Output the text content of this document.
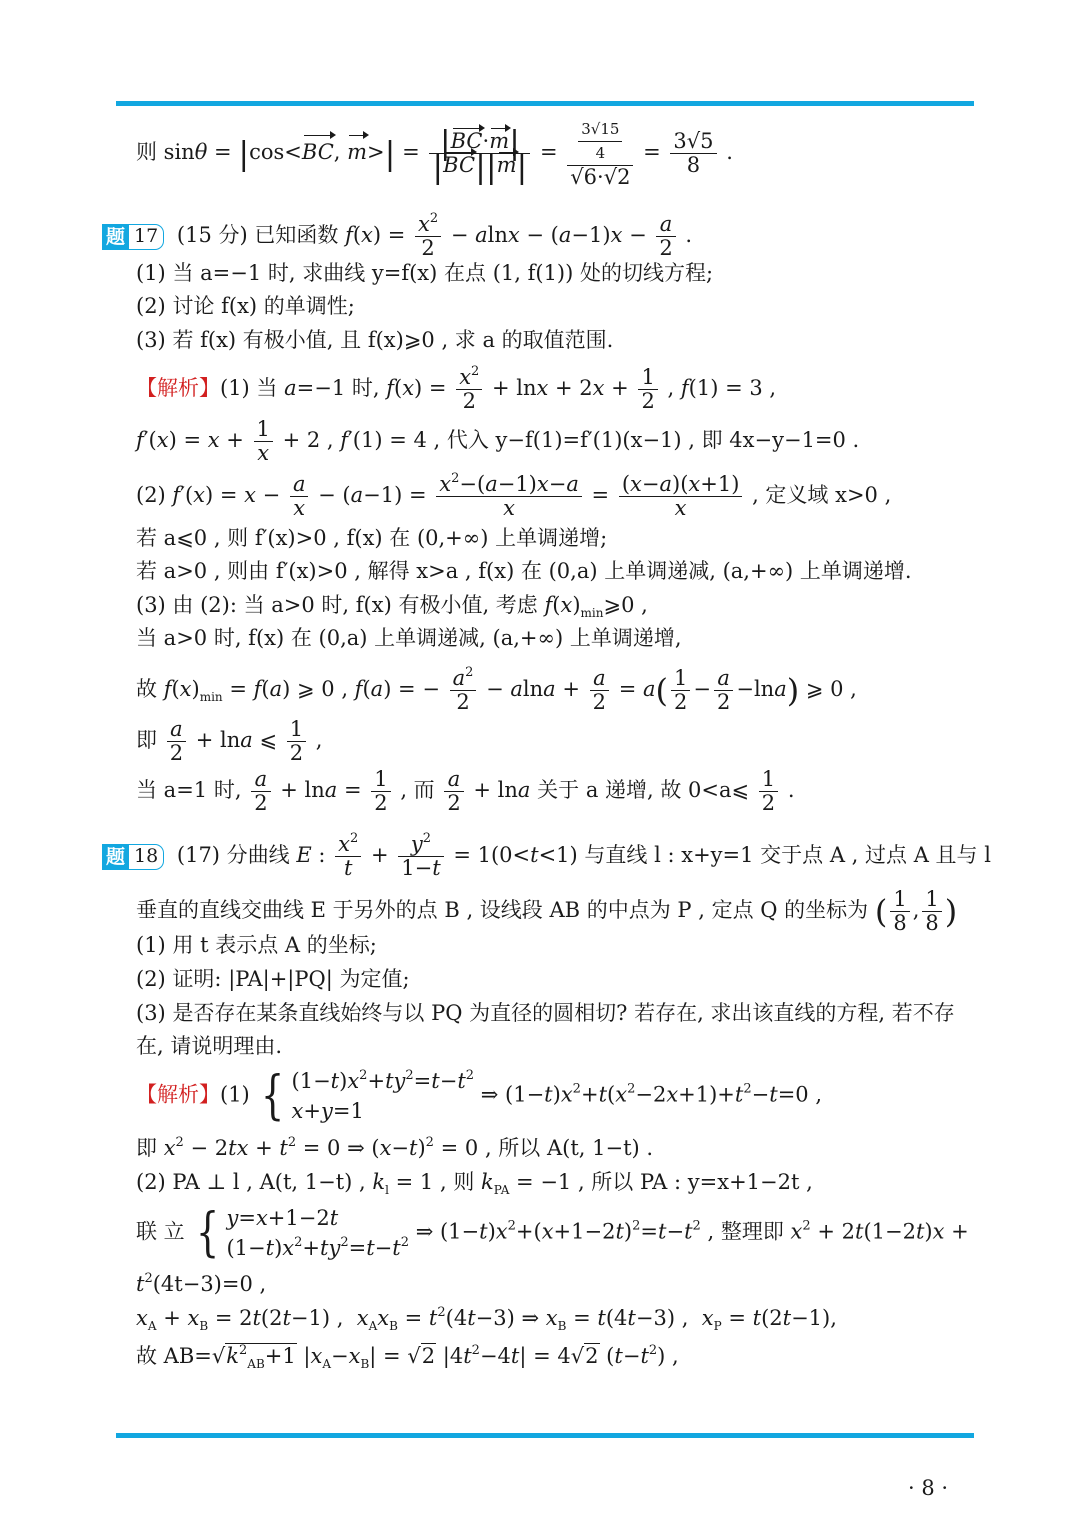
则 sinθ = |cos<BC, $m>| = \frac{|BC\cdot m|}{|BC||m|} = \frac{\frac{3√15}{4}}{√6\cdot√2} = \frac{3√5}{8}$ .
题 17 (15 分) 已知函数 $f(x) = \frac{x^2}{2} - alnx - (a-1)x - \frac{a}{2}$ .
(1) 当 a=−1 时, 求曲线 y=f(x) 在点 (1, f(1)) 处的切线方程;
(2) 讨论 f(x) 的单调性;
(3) 若 f(x) 有极小值, 且 f(x)⩾0 , 求 a 的取值范围.
【解析】(1) 当 a=−1 时, $f(x) = \frac{x^2}{2} + \ln x + 2x + \frac{1}{2}$ , f(1) = 3 ,
$f'(x) = x + \frac{1}{x} + 2$ , f′(1) = 4 , 代入 y−f(1)=f′(1)(x−1) , 即 4x−y−1=0 .
(2) $f'(x) = x - \frac{a}{x} - (a-1) = \frac{x^2-(a-1)x-a}{x} = \frac{(x-a)(x+1)}{x}$ , 定义域 x>0 ,
若 a⩽0 , 则 f′(x)>0 , f(x) 在 (0,+∞) 上单调递增;
若 a>0 , 则由 f′(x)>0 , 解得 x>a , f(x) 在 (0,a) 上单调递减, (a,+∞) 上单调递增.
(3) 由 (2): 当 a>0 时, f(x) 有极小值, 考虑 $f(x)_{min}⩾0$ ,
当 a>0 时, f(x) 在 (0,a) 上单调递减, (a,+∞) 上单调递增,
故 $f(x)_{min} = f(a)$ ⩾ 0 , f(a) = − $\frac{a^2}{2} - alna + \frac{a}{2} = a( \frac{1}{2} - \frac{a}{2} -\ln a)$ ⩾ 0 ,
即 $\frac{a}{2} + \ln a$ ⩽ $\frac{1}{2}$ ,
当 a=1 时, $\frac{a}{2} + \ln a = \frac{1}{2}$ , 而 $\frac{a}{2} + \ln a$ 关于 a 递增, 故 0<a⩽ $\frac{1}{2}$ .
题 18 (17) 分曲线 E : $\frac{x^2}{t} + \frac{y^2}{1-t} = 1(0<t<1)$ 与直线 l : x+y=1 交于点 A , 过点 A 且与 l
垂直的直线交曲线 E 于另外的点 B , 设线段 AB 的中点为 P , 定点 Q 的坐标为 ( $\frac{1}{8}$ , $\frac{1}{8}$ )
(1) 用 t 表示点 A 的坐标;
(2) 证明: |PA|+|PQ| 为定值;
(3) 是否存在某条直线始终与以 PQ 为直径的圆相切? 若存在, 求出该直线的方程, 若不存
在, 请说明理由.
【解析】(1) { $(1-t)x^2+ty^2=t-t^2$
x+y=1
⇒ $(1-t)x^2+t(x^2-2x+1)+t^2-t=0$ ,
即 $x^2 - 2tx + t^2 = 0$ ⇒ $(x-t)^2 = 0$ , 所以 A(t, 1−t) .
(2) PA ⊥ l , A(t, 1−t) , $k_l = 1$ , 则 $k_{PA} = -1$ , 所以 PA : y=x+1−2t ,
联 立 { y=x+1−2t
$(1-t)x^2+ty^2=t-t^2$ ⇒ $(1-t)x^2+(x+1-2t)^2=t-t^2$ , 整理即 $x^2 + 2t(1-2t)x$ +
$t^2(4t-3)=0$ ,
$x_A + x_B = 2t(2t-1)$ ,  $x_Ax_B = t^2(4t-3)$ ⇒ $x_B = t(4t-3)$ ,  $x_P = t(2t-1)$,
故 $AB=√k^2_{AB}+1$ $|x_A-x_B| = √2$ $|4t^2-4t| = 4√2$ $(t-t^2)$ ,
· 8 ·
